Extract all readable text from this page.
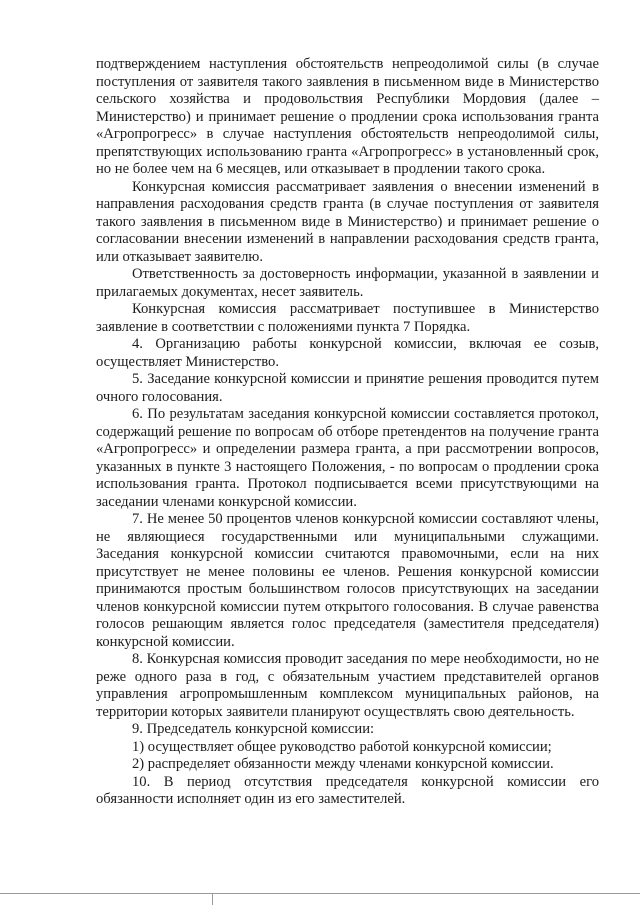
подтверждением наступления обстоятельств непреодолимой силы (в случае поступления от заявителя такого заявления в письменном виде в Министерство сельского хозяйства и продовольствия Республики Мордовия (далее – Министерство) и принимает решение о продлении срока использования гранта «Агропрогресс» в случае наступления обстоятельств непреодолимой силы, препятствующих использованию гранта «Агропрогресс» в установленный срок, но не более чем на 6 месяцев, или отказывает в продлении такого срока.

Конкурсная комиссия рассматривает заявления о внесении изменений в направления расходования средств гранта (в случае поступления от заявителя такого заявления в письменном виде в Министерство) и принимает решение о согласовании внесении изменений в направлении расходования средств гранта, или отказывает заявителю.

Ответственность за достоверность информации, указанной в заявлении и прилагаемых документах, несет заявитель.

Конкурсная комиссия рассматривает поступившее в Министерство заявление в соответствии с положениями пункта 7 Порядка.

4. Организацию работы конкурсной комиссии, включая ее созыв, осуществляет Министерство.

5. Заседание конкурсной комиссии и принятие решения проводится путем очного голосования.

6. По результатам заседания конкурсной комиссии составляется протокол, содержащий решение по вопросам об отборе претендентов на получение гранта «Агропрогресс» и определении размера гранта, а при рассмотрении вопросов, указанных в пункте 3 настоящего Положения, - по вопросам о продлении срока использования гранта. Протокол подписывается всеми присутствующими на заседании членами конкурсной комиссии.

7. Не менее 50 процентов членов конкурсной комиссии составляют члены, не являющиеся государственными или муниципальными служащими. Заседания конкурсной комиссии считаются правомочными, если на них присутствует не менее половины ее членов. Решения конкурсной комиссии принимаются простым большинством голосов присутствующих на заседании членов конкурсной комиссии путем открытого голосования. В случае равенства голосов решающим является голос председателя (заместителя председателя) конкурсной комиссии.

8. Конкурсная комиссия проводит заседания по мере необходимости, но не реже одного раза в год, с обязательным участием представителей органов управления агропромышленным комплексом муниципальных районов, на территории которых заявители планируют осуществлять свою деятельность.

9. Председатель конкурсной комиссии:

1) осуществляет общее руководство работой конкурсной комиссии;

2) распределяет обязанности между членами конкурсной комиссии.

10. В период отсутствия председателя конкурсной комиссии его обязанности исполняет один из его заместителей.
